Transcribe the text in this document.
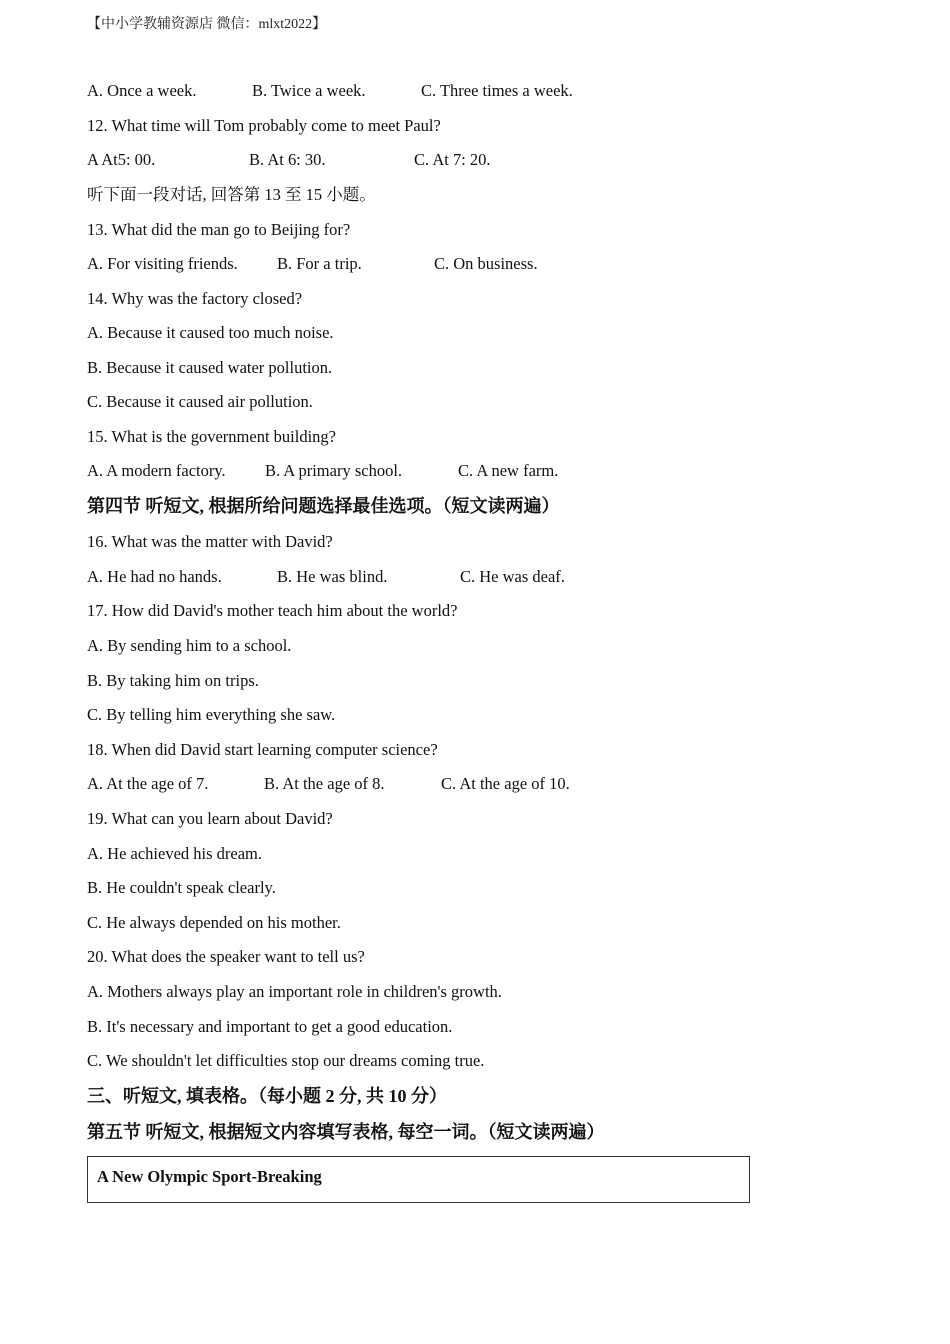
【中小学教辅资源店 微信：mlxt2022】
A. Once a week.	B. Twice a week.	C. Three times a week.
12. What time will Tom probably come to meet Paul?
A At5: 00.	B. At 6: 30.	C. At 7: 20.
听下面一段对话, 回答第 13 至 15 小题。
13. What did the man go to Beijing for?
A. For visiting friends. B. For a trip.	C. On business.
14. Why was the factory closed?
A. Because it caused too much noise.
B. Because it caused water pollution.
C. Because it caused air pollution.
15. What is the government building?
A. A modern factory. B. A primary school.	C. A new farm.
第四节 听短文, 根据所给问题选择最佳选项。（短文读两遍）
16. What was the matter with David?
A. He had no hands.	B. He was blind.	C. He was deaf.
17. How did David's mother teach him about the world?
A. By sending him to a school.
B. By taking him on trips.
C. By telling him everything she saw.
18. When did David start learning computer science?
A. At the age of 7.	B. At the age of 8.	C. At the age of 10.
19. What can you learn about David?
A. He achieved his dream.
B. He couldn't speak clearly.
C. He always depended on his mother.
20. What does the speaker want to tell us?
A. Mothers always play an important role in children's growth.
B. It's necessary and important to get a good education.
C. We shouldn't let difficulties stop our dreams coming true.
三、听短文, 填表格。（每小题 2 分, 共 10 分）
第五节 听短文, 根据短文内容填写表格, 每空一词。（短文读两遍）
A New Olympic Sport-Breaking
